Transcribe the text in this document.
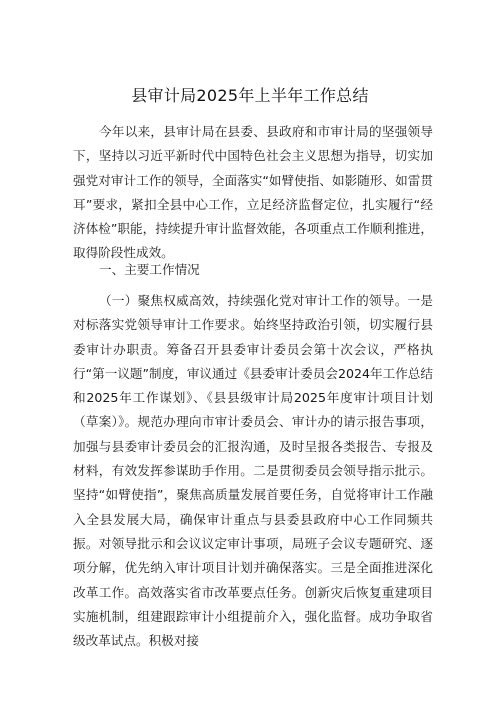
县审计局2025年上半年工作总结
今年以来，县审计局在县委、县政府和市审计局的坚强领导下，坚持以习近平新时代中国特色社会主义思想为指导，切实加强党对审计工作的领导，全面落实“如臂使指、如影随形、如雷贯耳”要求，紧扣全县中心工作，立足经济监督定位，扎实履行“经济体检”职能，持续提升审计监督效能，各项重点工作顺利推进，取得阶段性成效。
一、主要工作情况
（一）聚焦权威高效，持续强化党对审计工作的领导。一是对标落实党领导审计工作要求。始终坚持政治引领，切实履行县委审计办职责。筹备召开县委审计委员会第十次会议，严格执行“第一议题”制度，审议通过《县委审计委员会2024年工作总结和2025年工作谋划》、《县县级审计局2025年度审计项目计划（草案）》。规范办理向市审计委员会、审计办的请示报告事项，加强与县委审计委员会的汇报沟通，及时呈报各类报告、专报及材料，有效发挥参谋助手作用。二是贯彻委员会领导指示批示。坚持“如臂使指”，聚焦高质量发展首要任务，自觉将审计工作融入全县发展大局，确保审计重点与县委县政府中心工作同频共振。对领导批示和会议议定审计事项，局班子会议专题研究、逐项分解，优先纳入审计项目计划并确保落实。三是全面推进深化改革工作。高效落实省市改革要点任务。创新灾后恢复重建项目实施机制，组建跟踪审计小组提前介入，强化监督。成功争取省级改革试点。积极对接
